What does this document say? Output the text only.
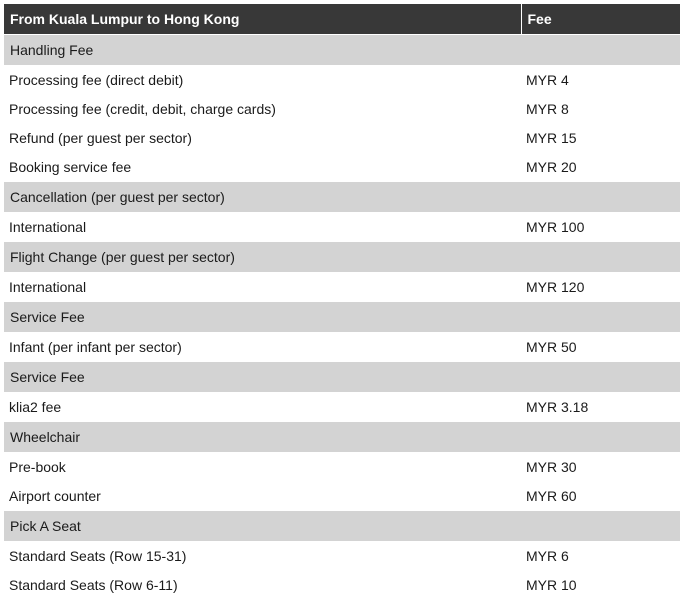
From Kuala Lumpur to Hong Kong	Fee
Handling Fee	
Processing fee (direct debit)	MYR 4
Processing fee (credit, debit, charge cards)	MYR 8
Refund (per guest per sector)	MYR 15
Booking service fee	MYR 20
Cancellation (per guest per sector)	
International	MYR 100
Flight Change (per guest per sector)	
International	MYR 120
Service Fee	
Infant (per infant per sector)	MYR 50
Service Fee	
klia2 fee	MYR 3.18
Wheelchair	
Pre-book	MYR 30
Airport counter	MYR 60
Pick A Seat	
Standard Seats (Row 15-31)	MYR 6
Standard Seats (Row 6-11)	MYR 10
